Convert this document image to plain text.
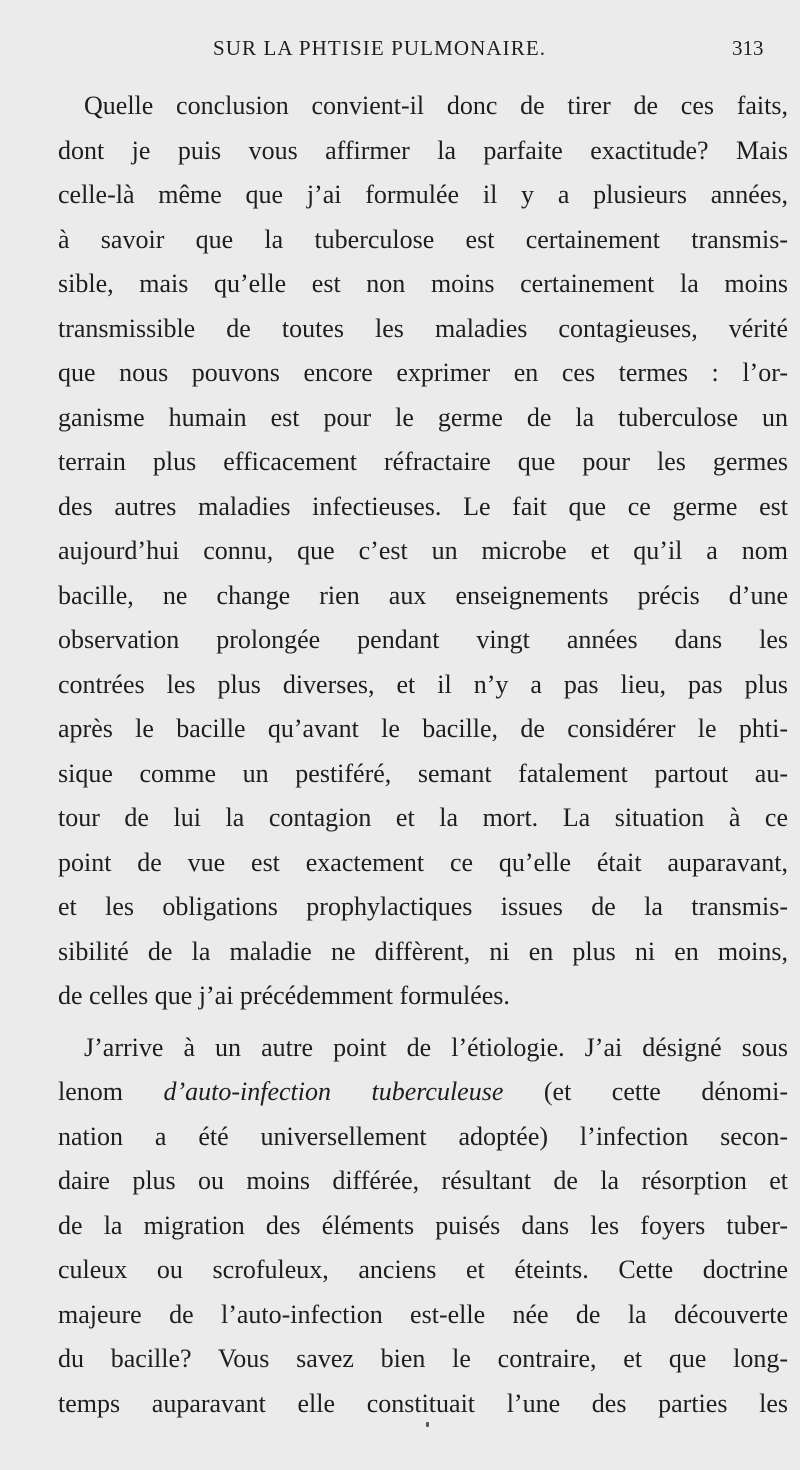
SUR LA PHTISIE PULMONAIRE.	313
Quelle conclusion convient-il donc de tirer de ces faits,
dont je puis vous affirmer la parfaite exactitude? Mais
celle-là même que j’ai formulée il y a plusieurs années,
à savoir que la tuberculose est certainement transmis-
sible, mais qu’elle est non moins certainement la moins
transmissible de toutes les maladies contagieuses, vérité
que nous pouvons encore exprimer en ces termes : l’or-
ganisme humain est pour le germe de la tuberculose un
terrain plus efficacement réfractaire que pour les germes
des autres maladies infectieuses. Le fait que ce germe est
aujourd’hui connu, que c’est un microbe et qu’il a nom
bacille, ne change rien aux enseignements précis d’une
observation prolongée pendant vingt années dans les
contrées les plus diverses, et il n’y a pas lieu, pas plus
après le bacille qu’avant le bacille, de considérer le phti-
sique comme un pestiféré, semant fatalement partout au-
tour de lui la contagion et la mort. La situation à ce
point de vue est exactement ce qu’elle était auparavant,
et les obligations prophylactiques issues de la transmis-
sibilité de la maladie ne diffèrent, ni en plus ni en moins,
de celles que j’ai précédemment formulées.
J’arrive à un autre point de l’étiologie. J’ai désigné sous
lenom d’auto-infection tuberculeuse (et cette dénomi-
nation a été universellement adoptée) l’infection secon-
daire plus ou moins différée, résultant de la résorption et
de la migration des éléments puisés dans les foyers tuber-
culeux ou scrofuleux, anciens et éteints. Cette doctrine
majeure de l’auto-infection est-elle née de la découverte
du bacille? Vous savez bien le contraire, et que long-
temps auparavant elle constituait l’une des parties les
